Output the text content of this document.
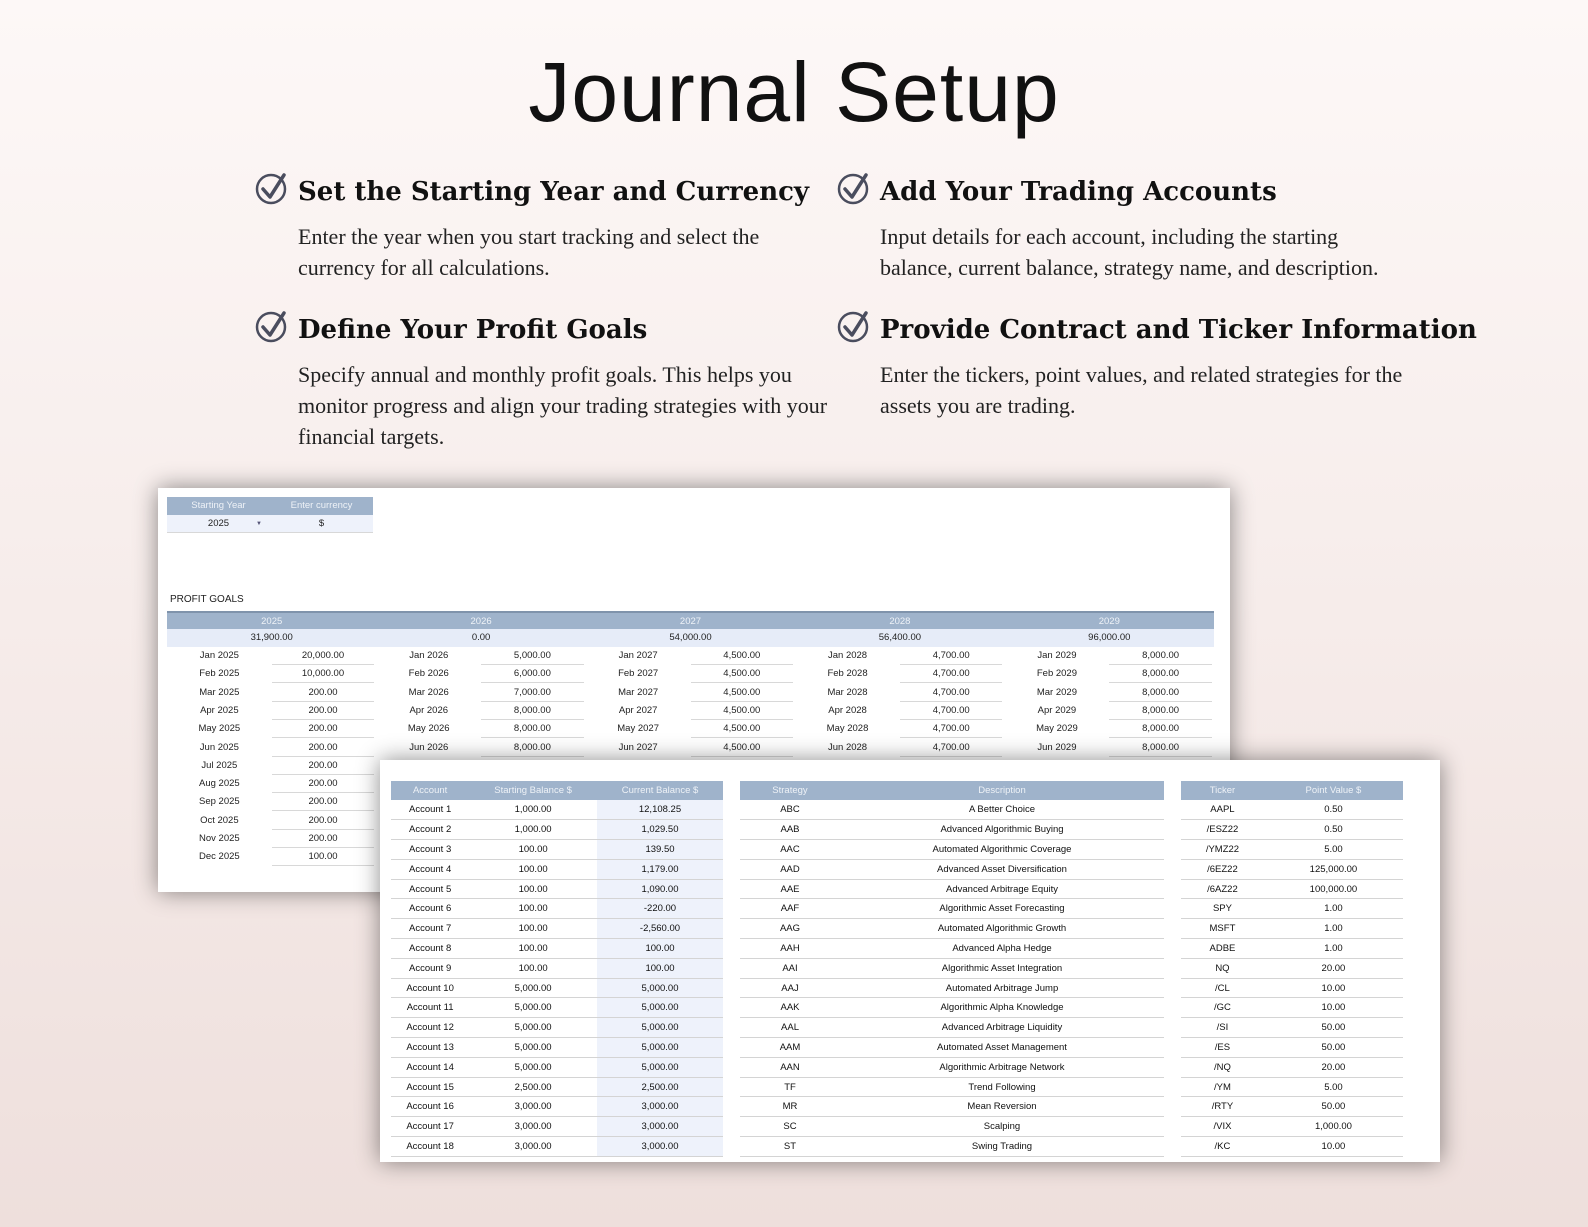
Journal Setup
Set the Starting Year and Currency

Enter the year when you start tracking and select the currency for all calculations.

Add Your Trading Accounts

Input details for each account, including the starting balance, current balance, strategy name, and description.

Define Your Profit Goals

Specify annual and monthly profit goals. This helps you monitor progress and align your trading strategies with your financial targets.

Provide Contract and Ticker Information

Enter the tickers, point values, and related strategies for the assets you are trading.

Starting Year	Enter currency
2025	▼	$
PROFIT GOALS
2025
31,900.00
Jan 2025	20,000.00
Feb 2025	10,000.00
Mar 2025	200.00
Apr 2025	200.00
May 2025	200.00
Jun 2025	200.00
Jul 2025	200.00
Aug 2025	200.00
Sep 2025	200.00
Oct 2025	200.00
Nov 2025	200.00
Dec 2025	100.00
2026
0.00
Jan 2026	5,000.00
Feb 2026	6,000.00
Mar 2026	7,000.00
Apr 2026	8,000.00
May 2026	8,000.00
Jun 2026	8,000.00
2027
54,000.00
Jan 2027	4,500.00
Feb 2027	4,500.00
Mar 2027	4,500.00
Apr 2027	4,500.00
May 2027	4,500.00
Jun 2027	4,500.00
2028
56,400.00
Jan 2028	4,700.00
Feb 2028	4,700.00
Mar 2028	4,700.00
Apr 2028	4,700.00
May 2028	4,700.00
Jun 2028	4,700.00
2029
96,000.00
Jan 2029	8,000.00
Feb 2029	8,000.00
Mar 2029	8,000.00
Apr 2029	8,000.00
May 2029	8,000.00
Jun 2029	8,000.00
Account	Starting Balance $	Current Balance $
Account 1	1,000.00	12,108.25
Account 2	1,000.00	1,029.50
Account 3	100.00	139.50
Account 4	100.00	1,179.00
Account 5	100.00	1,090.00
Account 6	100.00	-220.00
Account 7	100.00	-2,560.00
Account 8	100.00	100.00
Account 9	100.00	100.00
Account 10	5,000.00	5,000.00
Account 11	5,000.00	5,000.00
Account 12	5,000.00	5,000.00
Account 13	5,000.00	5,000.00
Account 14	5,000.00	5,000.00
Account 15	2,500.00	2,500.00
Account 16	3,000.00	3,000.00
Account 17	3,000.00	3,000.00
Account 18	3,000.00	3,000.00
Strategy	Description
ABC	A Better Choice
AAB	Advanced Algorithmic Buying
AAC	Automated Algorithmic Coverage
AAD	Advanced Asset Diversification
AAE	Advanced Arbitrage Equity
AAF	Algorithmic Asset Forecasting
AAG	Automated Algorithmic Growth
AAH	Advanced Alpha Hedge
AAI	Algorithmic Asset Integration
AAJ	Automated Arbitrage Jump
AAK	Algorithmic Alpha Knowledge
AAL	Advanced Arbitrage Liquidity
AAM	Automated Asset Management
AAN	Algorithmic Arbitrage Network
TF	Trend Following
MR	Mean Reversion
SC	Scalping
ST	Swing Trading
Ticker	Point Value $
AAPL	0.50
/ESZ22	0.50
/YMZ22	5.00
/6EZ22	125,000.00
/6AZ22	100,000.00
SPY	1.00
MSFT	1.00
ADBE	1.00
NQ	20.00
/CL	10.00
/GC	10.00
/SI	50.00
/ES	50.00
/NQ	20.00
/YM	5.00
/RTY	50.00
/VIX	1,000.00
/KC	10.00
